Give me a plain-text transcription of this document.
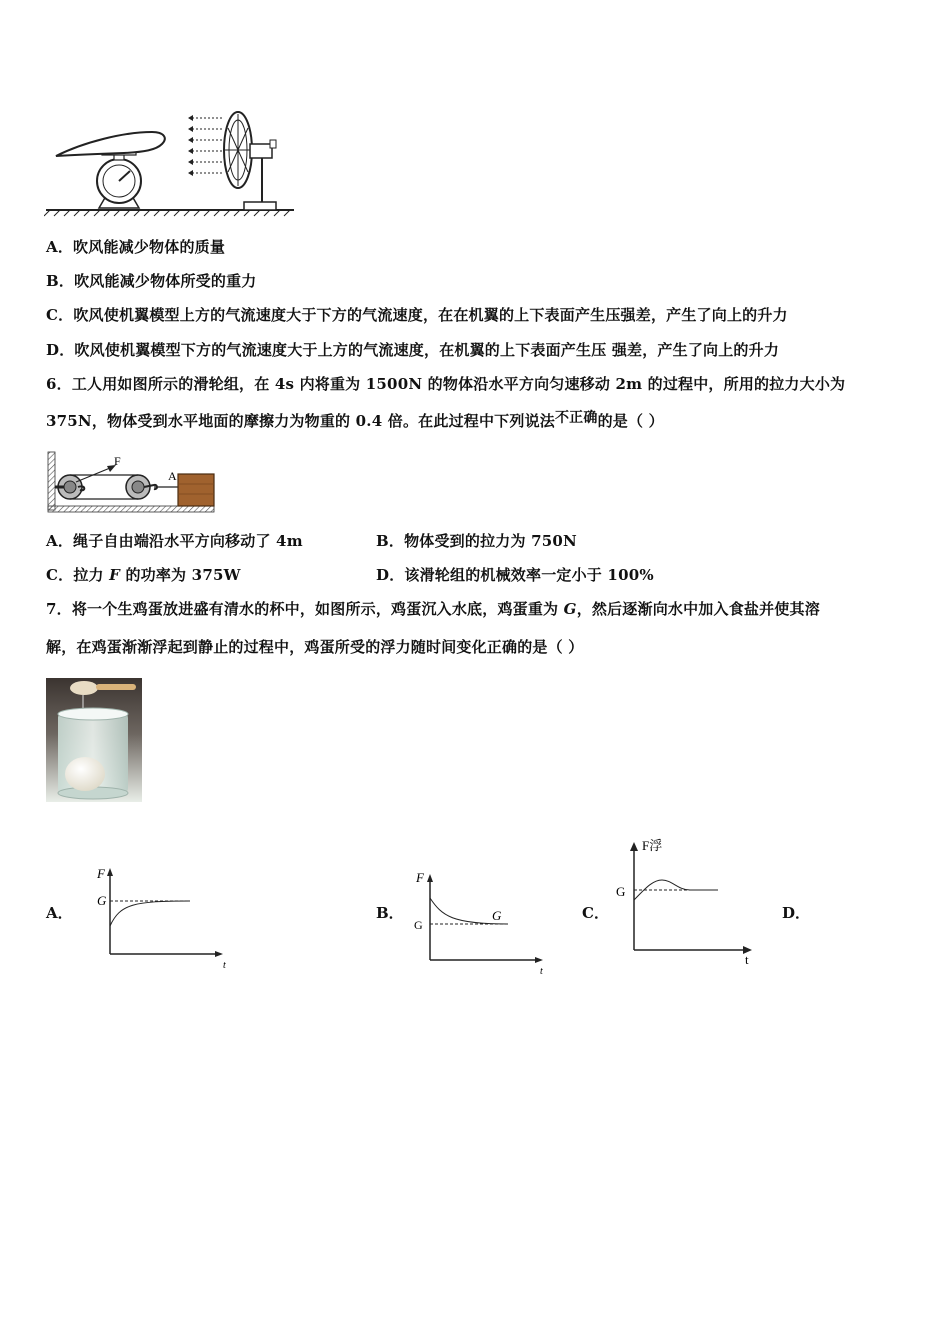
A．吹风能减少物体的质量
B．吹风能减少物体所受的重力
C．吹风使机翼模型上方的气流速度大于下方的气流速度，在在机翼的上下表面产生压强差，产生了向上的升力
D．吹风使机翼模型下方的气流速度大于上方的气流速度，在机翼的上下表面产生压 强差，产生了向上的升力
6．工人用如图所示的滑轮组，在 4s 内将重为 1500N 的物体沿水平方向匀速移动 2m 的过程中，所用的拉力大小为
375N，物体受到水平地面的摩擦力为物重的 0.4 倍。在此过程中下列说法不正确的是（ ）
F
A
A．绳子自由端沿水平方向移动了 4m	B．物体受到的拉力为 750N
C．拉力 F 的功率为 375W	D．该滑轮组的机械效率一定小于 100%
7．将一个生鸡蛋放进盛有清水的杯中，如图所示，鸡蛋沉入水底，鸡蛋重为 G，然后逐渐向水中加入食盐并使其溶
解，在鸡蛋渐渐浮起到静止的过程中，鸡蛋所受的浮力随时间变化正确的是（ ）
A．	B．	C．	D．
F
G
t
F
G
G
t
F浮
G
t
